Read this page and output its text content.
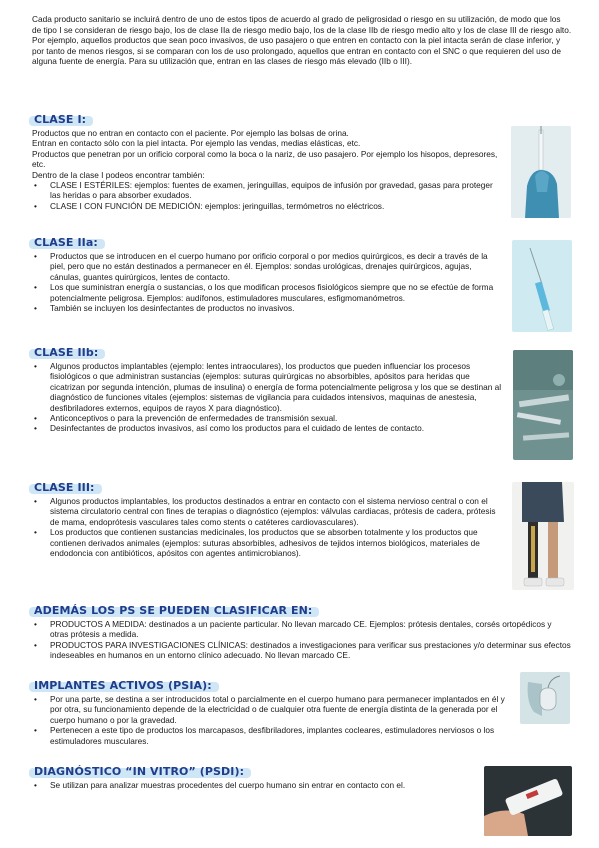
Cada producto sanitario se incluirá dentro de uno de estos tipos de acuerdo al grado de peligrosidad o riesgo en su utilización, de modo que los de tipo I se consideran de riesgo bajo, los de clase IIa de riesgo medio bajo, los de la clase IIb de riesgo medio alto y los de clase III de riesgo alto.

Por ejemplo, aquellos productos que sean poco invasivos, de uso pasajero o que entren en contacto con la piel intacta serán de clase inferior, y por tanto de menos riesgos, si se comparan con los de uso prolongado, aquellos que entran en contacto con el SNC o que requieren del uso de alguna fuente de energía. Para su utilización que, entran en las clases de riesgo más elevado (IIb o III).

CLASE I:

Productos que no entran en contacto con el paciente. Por ejemplo las bolsas de orina.

Entran en contacto sólo con la piel intacta. Por ejemplo las vendas, medias elásticas, etc.

Productos que penetran por un orificio corporal como la boca o la nariz, de uso pasajero. Por ejemplo los hisopos, depresores, etc.

Dentro de la clase I podeos encontrar también:

• CLASE I ESTÉRILES: ejemplos: fuentes de examen, jeringuillas, equipos de infusión por gravedad, gasas para proteger las heridas o para absorber exudados.
• CLASE I CON FUNCIÓN DE MEDICIÓN: ejemplos: jeringuillas, termómetros no eléctricos.
CLASE IIa:
• Productos que se introducen en el cuerpo humano por orificio corporal o por medios quirúrgicos, es decir a través de la piel, pero que no están destinados a permanecer en él. Ejemplos: sondas urológicas, drenajes quirúrgicos, agujas, cánulas, guantes quirúrgicos, lentes de contacto.
• Los que suministran energía o sustancias, o los que modifican procesos fisiológicos siempre que no se efectúe de forma potencialmente peligrosa. Ejemplos: audífonos, estimuladores musculares, esfigmomanómetros.
• También se incluyen los desinfectantes de productos no invasivos.
CLASE IIb:
• Algunos productos implantables (ejemplo: lentes intraoculares), los productos que pueden influenciar los procesos fisiológicos o que administran sustancias (ejemplos: suturas quirúrgicas no absorbibles, apósitos para heridas que cicatrizan por segunda intención, plumas de insulina) o energía de forma potencialmente peligrosa y los que se destinan al diagnóstico de funciones vitales (ejemplos: sistemas de vigilancia para cuidados intensivos, maquinas de anestesia, desfibriladores externos, equipos de rayos X para diagnóstico).
• Anticonceptivos o para la prevención de enfermedades de transmisión sexual.
• Desinfectantes de productos invasivos, así como los productos para el cuidado de lentes de contacto.
CLASE III:
• Algunos productos implantables, los productos destinados a entrar en contacto con el sistema nervioso central o con el sistema circulatorio central con fines de terapias o diagnóstico (ejemplos: válvulas cardiacas, prótesis de cadera, prótesis de mama, endoprótesis vasculares tales como stents o catéteres cardiovasculares).
• Los productos que contienen sustancias medicinales, los productos que se absorben totalmente y los productos que contienen derivados animales (ejemplos: suturas absorbibles, adhesivos de tejidos internos biológicos, materiales de endodoncia con antibióticos, apósitos con agentes antimicrobianos).
ADEMÁS LOS PS SE PUEDEN CLASIFICAR EN:
• PRODUCTOS A MEDIDA: destinados a un paciente particular. No llevan marcado CE. Ejemplos: prótesis dentales, corsés ortopédicos y otras prótesis a medida.
• PRODUCTOS PARA INVESTIGACIONES CLÍNICAS: destinados a investigaciones para verificar sus prestaciones y/o determinar sus efectos indeseables en humanos en un entorno clínico adecuado. No llevan marcado CE.
IMPLANTES ACTIVOS (PSIA):
• Por una parte, se destina a ser introducidos total o parcialmente en el cuerpo humano para permanecer implantados en él y por otra, su funcionamiento depende de la electricidad o de cualquier otra fuente de energía distinta de la generada por el cuerpo humano o por la gravedad.
• Pertenecen a este tipo de productos los marcapasos, desfibriladores, implantes cocleares, estimuladores nerviosos o los estimuladores musculares.
DIAGNÓSTICO “IN VITRO” (PSDI):
• Se utilizan para analizar muestras procedentes del cuerpo humano sin entrar en contacto con el.
